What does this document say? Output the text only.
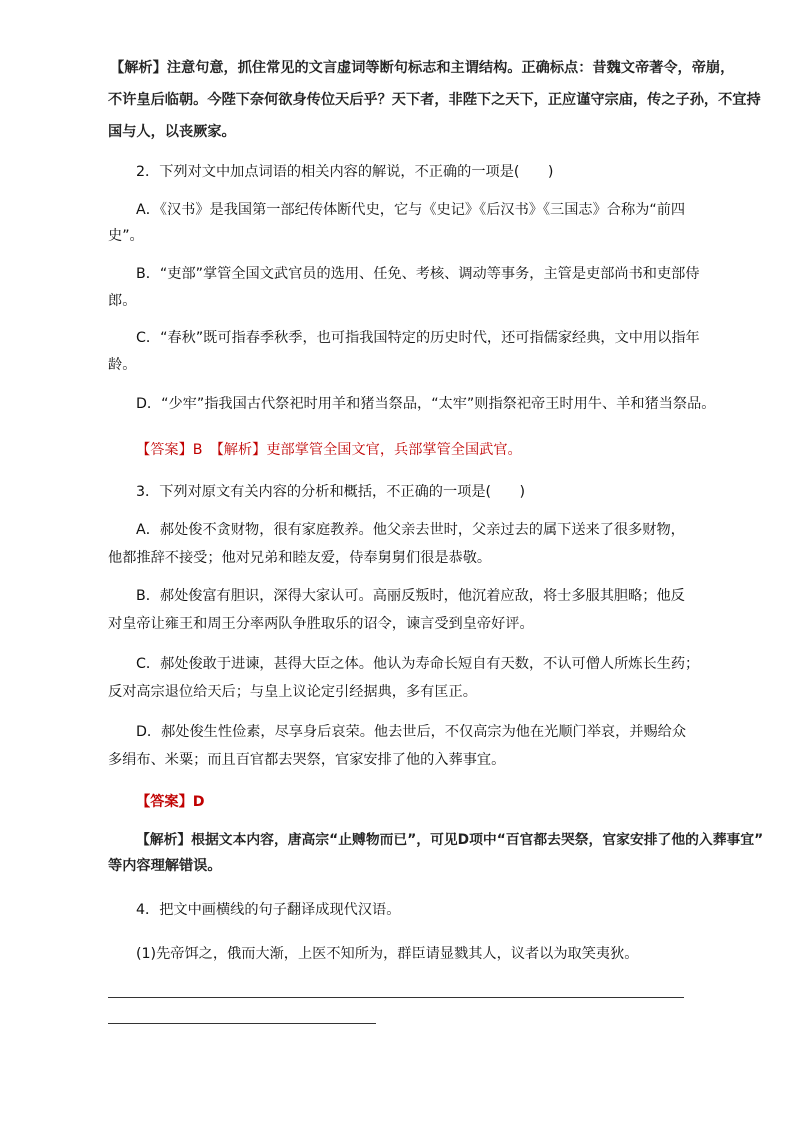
【解析】注意句意，抓住常见的文言虚词等断句标志和主谓结构。正确标点：昔魏文帝著令，帝崩，
不许皇后临朝。今陛下奈何欲身传位天后乎？天下者，非陛下之天下，正应谨守宗庙，传之子孙，不宜持
国与人，以丧厥家。
2．下列对文中加点词语的相关内容的解说，不正确的一项是(　　)
A．《汉书》是我国第一部纪传体断代史，它与《史记》《后汉书》《三国志》合称为“前四
史”。
B．“吏部”掌管全国文武官员的选用、任免、考核、调动等事务，主管是吏部尚书和吏部侍
郎。
C．“春秋”既可指春季秋季，也可指我国特定的历史时代，还可指儒家经典，文中用以指年
龄。
D．“少牢”指我国古代祭祀时用羊和猪当祭品，“太牢”则指祭祀帝王时用牛、羊和猪当祭品。
【答案】B　【解析】吏部掌管全国文官，兵部掌管全国武官。
3．下列对原文有关内容的分析和概括，不正确的一项是(　　)
A．郝处俊不贪财物，很有家庭教养。他父亲去世时，父亲过去的属下送来了很多财物，
他都推辞不接受；他对兄弟和睦友爱，侍奉舅舅们很是恭敬。
B．郝处俊富有胆识，深得大家认可。高丽反叛时，他沉着应敌，将士多服其胆略；他反
对皇帝让雍王和周王分率两队争胜取乐的诏令，谏言受到皇帝好评。
C．郝处俊敢于进谏，甚得大臣之体。他认为寿命长短自有天数，不认可僧人所炼长生药；
反对高宗退位给天后；与皇上议论定引经据典，多有匡正。
D．郝处俊生性俭素，尽享身后哀荣。他去世后，不仅高宗为他在光顺门举哀，并赐给众
多绢布、米粟；而且百官都去哭祭，官家安排了他的入葬事宜。
【答案】D
【解析】根据文本内容，唐高宗“止赙物而已”，可见D项中“百官都去哭祭，官家安排了他的入葬事宜”
等内容理解错误。
4．把文中画横线的句子翻译成现代汉语。
(1)先帝饵之，俄而大渐，上医不知所为，群臣请显戮其人，议者以为取笑夷狄。
